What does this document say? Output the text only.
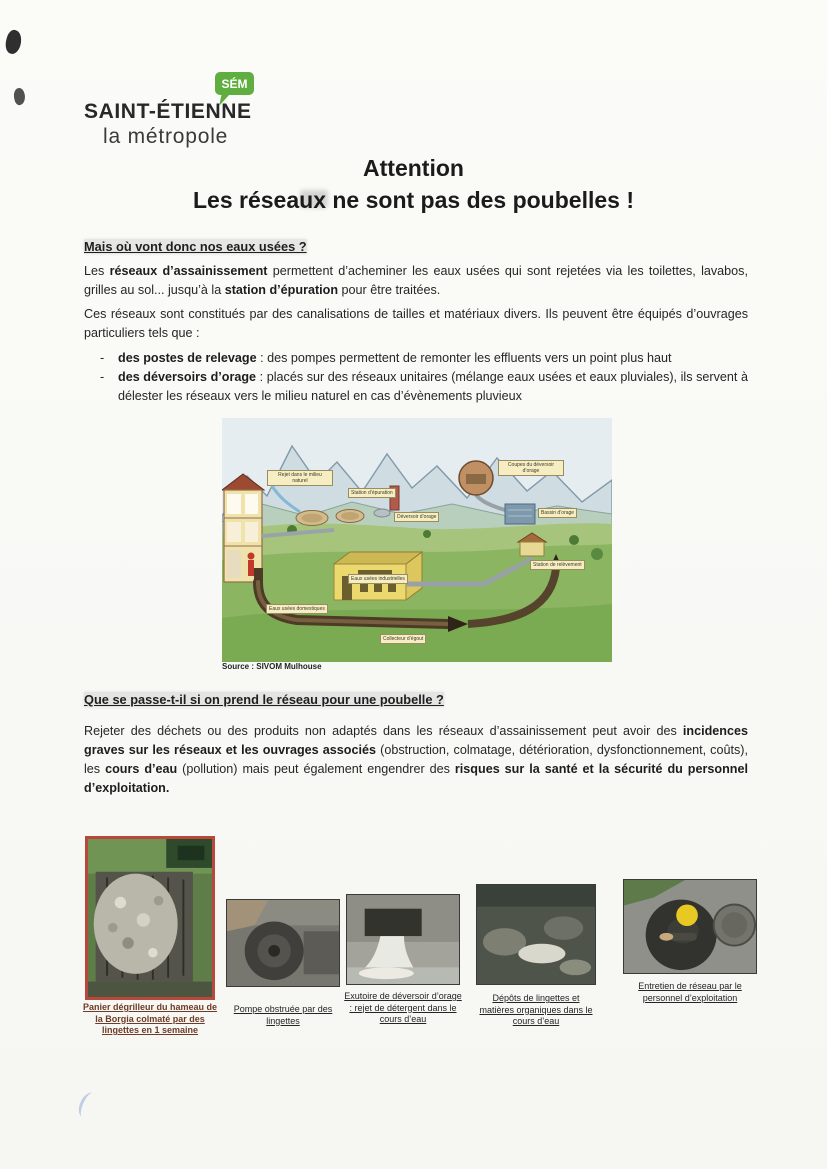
SAINT-ÉTIENNE
la métropole
SÉM
Attention
Les réseaux ne sont pas des poubelles !
Mais où vont donc nos eaux usées ?
Les réseaux d’assainissement permettent d’acheminer les eaux usées qui sont rejetées via les toilettes, lavabos, grilles au sol... jusqu’à la station d’épuration pour être traitées.
Ces réseaux sont constitués par des canalisations de tailles et matériaux divers. Ils peuvent être équipés d’ouvrages particuliers tels que :
- des postes de relevage : des pompes permettent de remonter les effluents vers un point plus haut
- des déversoirs d’orage : placés sur des réseaux unitaires (mélange eaux usées et eaux pluviales), ils servent à délester les réseaux vers le milieu naturel en cas d’évènements pluvieux
Rejet dans le milieu naturel
Station d’épuration
Déversoir d’orage
Coupes du déversoir d’orage
Bassin d’orage
Station de relèvement
Eaux usées industrielles
Eaux usées domestiques
Collecteur d’égout
Source : SIVOM Mulhouse
Que se passe-t-il si on prend le réseau pour une poubelle ?
Rejeter des déchets ou des produits non adaptés dans les réseaux d’assainissement peut avoir des incidences graves sur les réseaux et les ouvrages associés (obstruction, colmatage, détérioration, dysfonctionnement, coûts), les cours d’eau (pollution) mais peut également engendrer des risques sur la santé et la sécurité du personnel d’exploitation.
Panier dégrilleur du hameau de la Borgia colmaté par des lingettes en 1 semaine
Pompe obstruée par des lingettes
Exutoire de déversoir d’orage : rejet de détergent dans le cours d’eau
Dépôts de lingettes et matières organiques dans le cours d’eau
Entretien de réseau par le personnel d’exploitation
